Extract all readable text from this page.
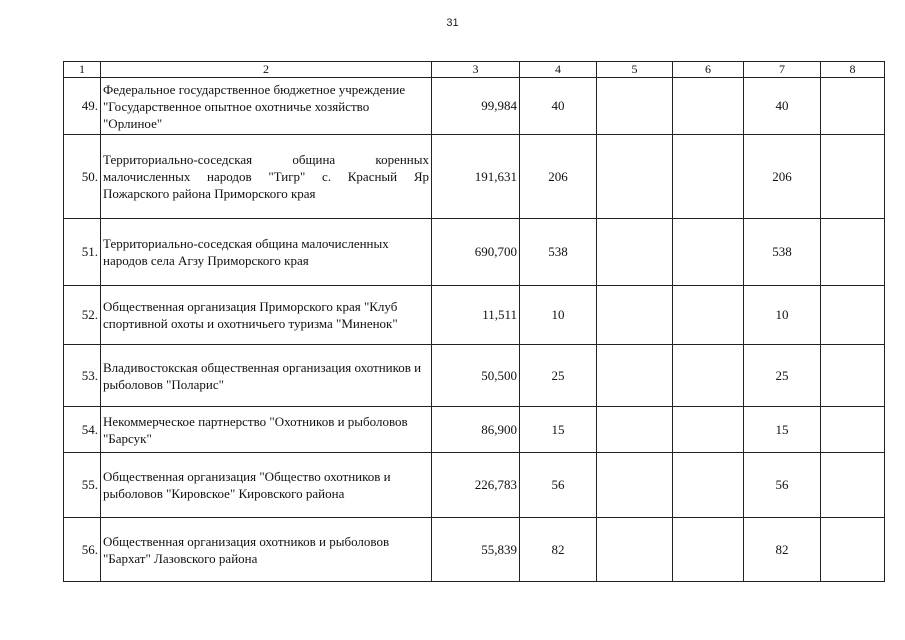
31
1	2	3	4	5	6	7	8
49.	Федеральное государственное бюджетное учреждение "Государственное опытное охотничье хозяйство "Орлиное"	99,984	40			40	
50.	Территориально-соседская община коренных малочисленных народов "Тигр" с. Красный Яр Пожарского района Приморского края	191,631	206			206	
51.	Территориально-соседская община малочисленных народов села Агзу Приморского края	690,700	538			538	
52.	Общественная организация Приморского края "Клуб спортивной охоты и охотничьего туризма "Миненок"	11,511	10			10	
53.	Владивостокская общественная организация охотников и рыболовов "Поларис"	50,500	25			25	
54.	Некоммерческое партнерство "Охотников и рыболовов "Барсук"	86,900	15			15	
55.	Общественная организация "Общество охотников и рыболовов "Кировское" Кировского района	226,783	56			56	
56.	Общественная организация охотников и рыболовов "Бархат" Лазовского района	55,839	82			82	
